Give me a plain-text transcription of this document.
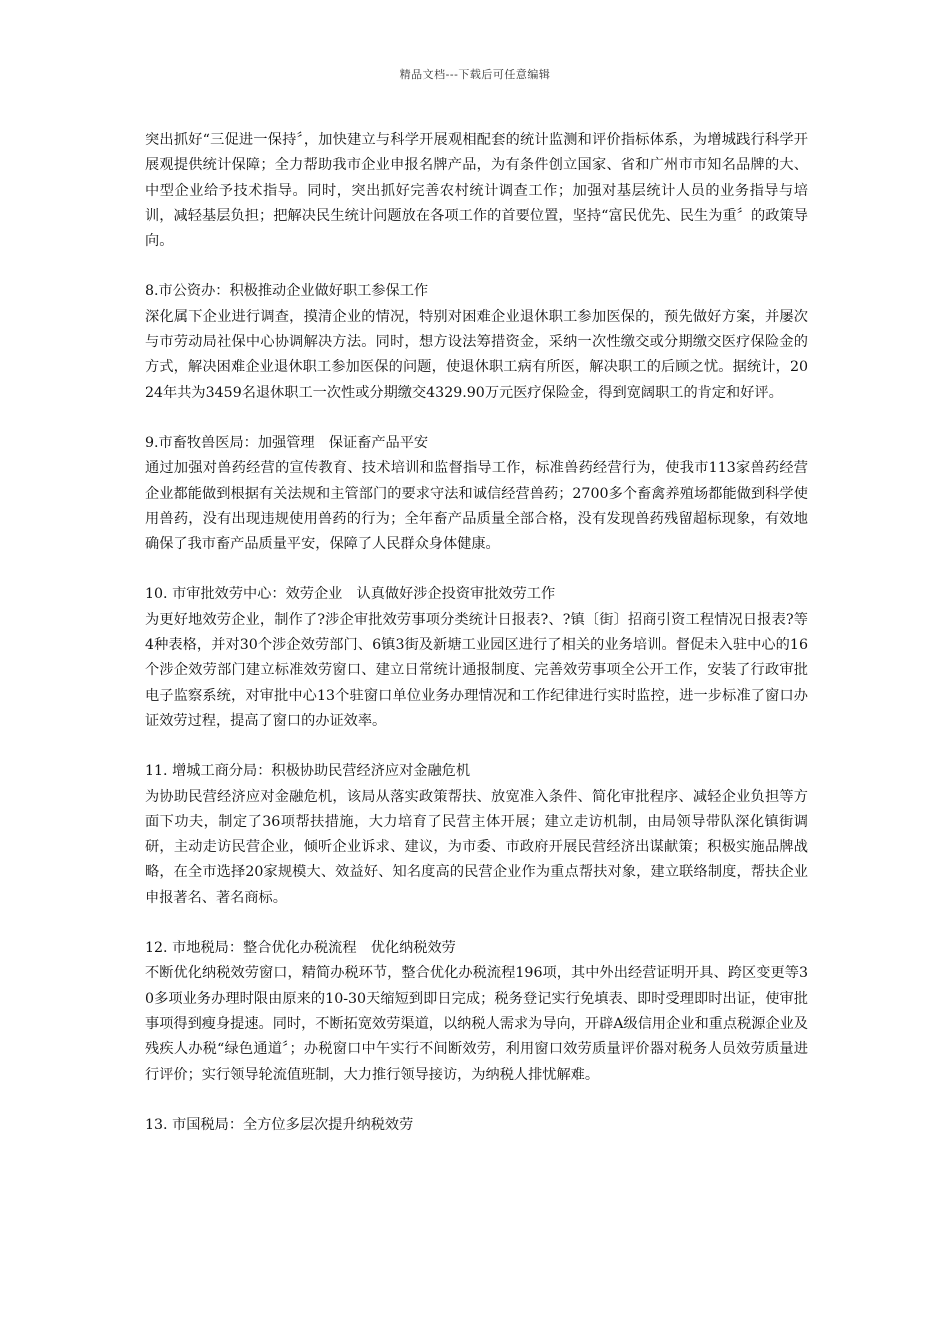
精品文档---下载后可任意编辑

突出抓好“三促进一保持〞，加快建立与科学开展观相配套的统计监测和评价指标体系，为增城践行科学开展观提供统计保障；全力帮助我市企业申报名牌产品，为有条件创立国家、省和广州市市知名品牌的大、中型企业给予技术指导。同时，突出抓好完善农村统计调查工作；加强对基层统计人员的业务指导与培训，减轻基层负担；把解决民生统计问题放在各项工作的首要位置，坚持“富民优先、民生为重〞的政策导向。

8.市公资办：积极推动企业做好职工参保工作

深化属下企业进行调查，摸清企业的情况，特别对困难企业退休职工参加医保的，预先做好方案，并屡次与市劳动局社保中心协调解决方法。同时，想方设法筹措资金，采纳一次性缴交或分期缴交医疗保险金的方式，解决困难企业退休职工参加医保的问题，使退休职工病有所医，解决职工的后顾之忧。据统计，2024年共为3459名退休职工一次性或分期缴交4329.90万元医疗保险金，得到宽阔职工的肯定和好评。

9.市畜牧兽医局：加强管理　保证畜产品平安

通过加强对兽药经营的宣传教育、技术培训和监督指导工作，标准兽药经营行为，使我市113家兽药经营企业都能做到根据有关法规和主管部门的要求守法和诚信经营兽药；2700多个畜禽养殖场都能做到科学使用兽药，没有出现违规使用兽药的行为；全年畜产品质量全部合格，没有发现兽药残留超标现象，有效地确保了我市畜产品质量平安，保障了人民群众身体健康。

10. 市审批效劳中心：效劳企业　认真做好涉企投资审批效劳工作

为更好地效劳企业，制作了?涉企审批效劳事项分类统计日报表?、?镇〔街〕招商引资工程情况日报表?等4种表格，并对30个涉企效劳部门、6镇3街及新塘工业园区进行了相关的业务培训。督促未入驻中心的16个涉企效劳部门建立标准效劳窗口、建立日常统计通报制度、完善效劳事项全公开工作，安装了行政审批电子监察系统，对审批中心13个驻窗口单位业务办理情况和工作纪律进行实时监控，进一步标准了窗口办证效劳过程，提高了窗口的办证效率。

11. 增城工商分局：积极协助民营经济应对金融危机

为协助民营经济应对金融危机，该局从落实政策帮扶、放宽准入条件、简化审批程序、减轻企业负担等方面下功夫，制定了36项帮扶措施，大力培育了民营主体开展；建立走访机制，由局领导带队深化镇街调研，主动走访民营企业，倾听企业诉求、建议，为市委、市政府开展民营经济出谋献策；积极实施品牌战略，在全市选择20家规模大、效益好、知名度高的民营企业作为重点帮扶对象，建立联络制度，帮扶企业申报著名、著名商标。

12. 市地税局：整合优化办税流程　优化纳税效劳

不断优化纳税效劳窗口，精简办税环节，整合优化办税流程196项，其中外出经营证明开具、跨区变更等30多项业务办理时限由原来的10-30天缩短到即日完成；税务登记实行免填表、即时受理即时出证，使审批事项得到瘦身提速。同时，不断拓宽效劳渠道，以纳税人需求为导向，开辟A级信用企业和重点税源企业及残疾人办税“绿色通道〞；办税窗口中午实行不间断效劳，利用窗口效劳质量评价器对税务人员效劳质量进行评价；实行领导轮流值班制，大力推行领导接访，为纳税人排忧解难。

13. 市国税局：全方位多层次提升纳税效劳
